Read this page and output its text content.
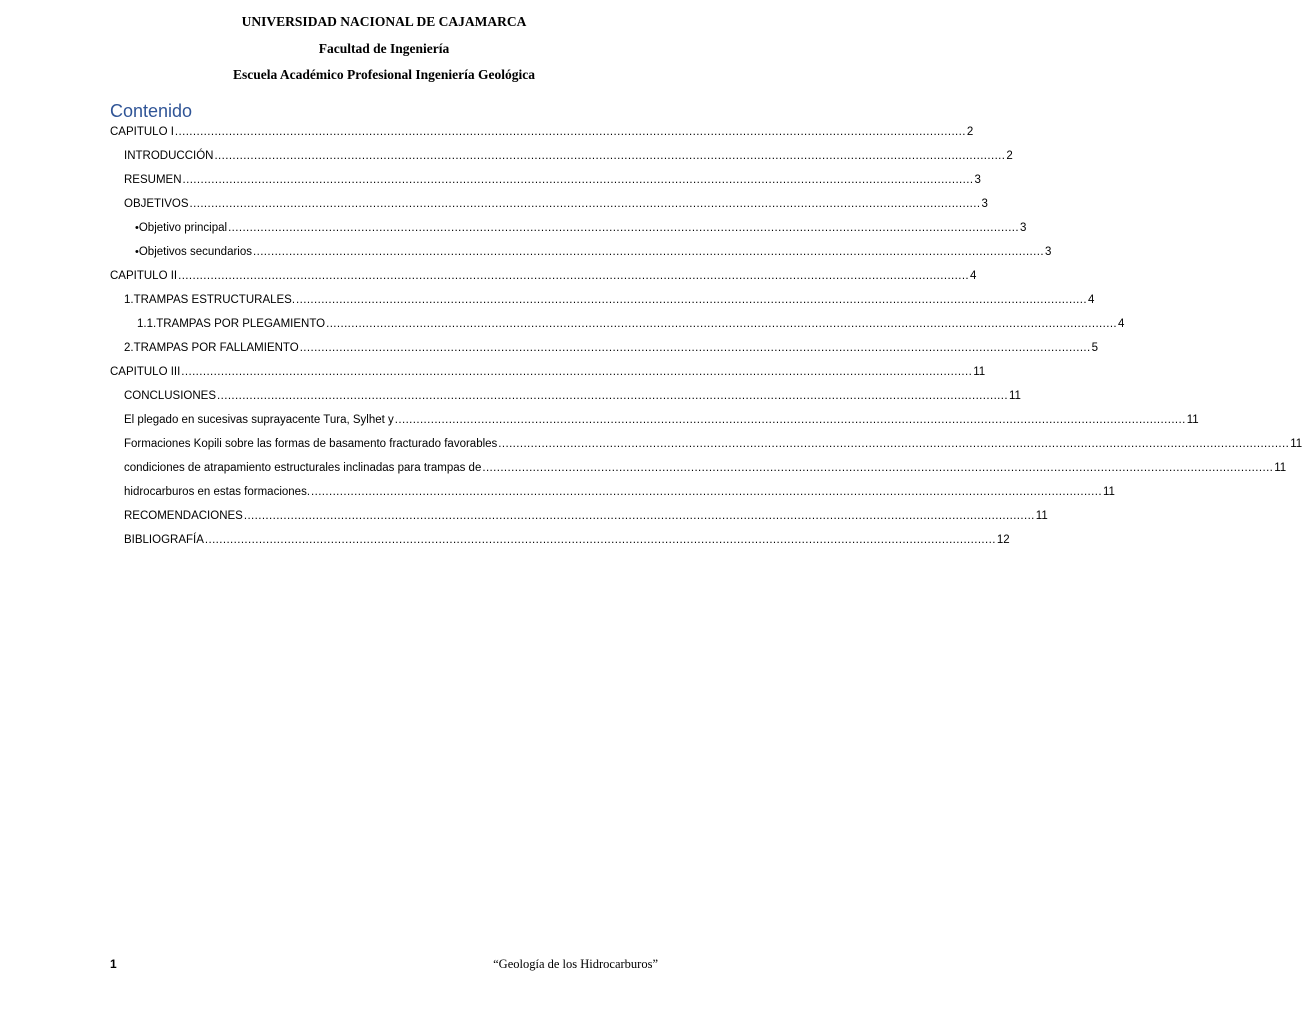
UNIVERSIDAD NACIONAL DE CAJAMARCA
Facultad de Ingeniería
Escuela Académico Profesional Ingeniería Geológica
Contenido
CAPITULO I ............................................................................................................................................................................................................................ 2
INTRODUCCIÓN ............................................................................................................................................................................................................................ 2
RESUMEN ............................................................................................................................................................................................................................ 3
OBJETIVOS ............................................................................................................................................................................................................................ 3
• Objetivo principal ............................................................................................................................................................................................................................ 3
• Objetivos secundarios ............................................................................................................................................................................................................................ 3
CAPITULO II ............................................................................................................................................................................................................................ 4
1. TRAMPAS ESTRUCTURALES. ............................................................................................................................................................................................................................ 4
1.1. TRAMPAS POR PLEGAMIENTO ............................................................................................................................................................................................................................ 4
2. TRAMPAS POR FALLAMIENTO ............................................................................................................................................................................................................................ 5
CAPITULO III ............................................................................................................................................................................................................................ 11
CONCLUSIONES ............................................................................................................................................................................................................................ 11
El plegado en sucesivas suprayacente Tura, Sylhet y ............................................................................................................................................................................................................................ 11
Formaciones Kopili sobre las formas de basamento fracturado favorables ............................................................................................................................................................................................................................ 11
condiciones de atrapamiento estructurales inclinadas para trampas de ............................................................................................................................................................................................................................ 11
hidrocarburos en estas formaciones. ............................................................................................................................................................................................................................ 11
RECOMENDACIONES ............................................................................................................................................................................................................................ 11
BIBLIOGRAFÍA ............................................................................................................................................................................................................................ 12
1	“Geología de los Hidrocarburos”
